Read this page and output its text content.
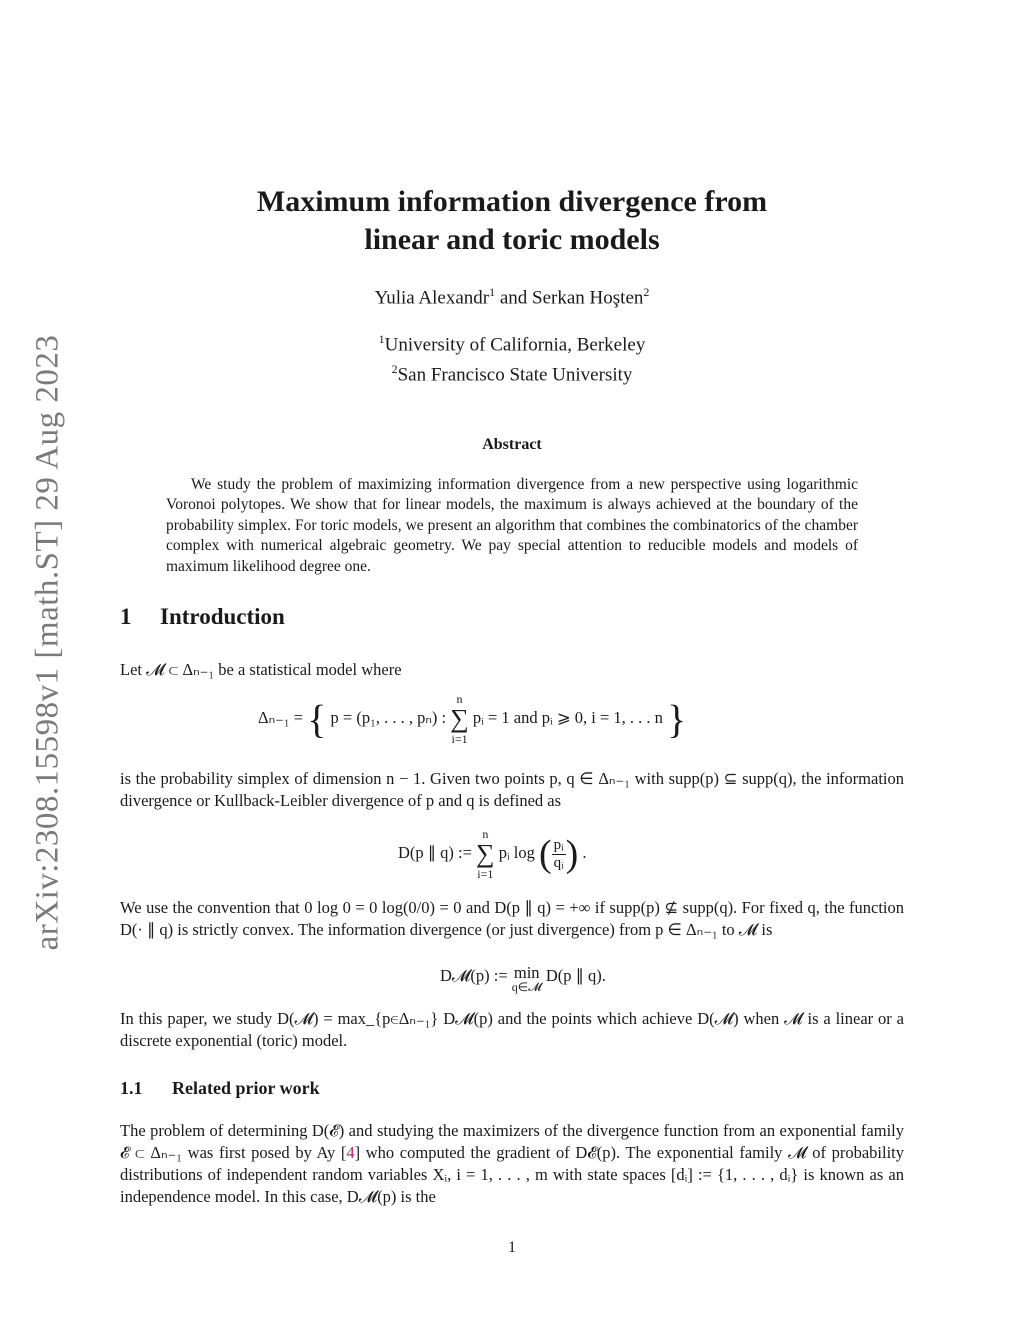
arXiv:2308.15598v1 [math.ST] 29 Aug 2023
Maximum information divergence from
linear and toric models
Yulia Alexandr$^1$ and Serkan Hoşten$^2$
$^1$University of California, Berkeley
$^2$San Francisco State University
Abstract
We study the problem of maximizing information divergence from a new perspective using logarithmic Voronoi polytopes. We show that for linear models, the maximum is always achieved at the boundary of the probability simplex. For toric models, we present an algorithm that combines the combinatorics of the chamber complex with numerical algebraic geometry. We pay special attention to reducible models and models of maximum likelihood degree one.
1 Introduction
Let 𝓜 ⊂ Δₙ₋₁ be a statistical model where
Δₙ₋₁ = { p = (p₁, . . . , pₙ) :
n
∑
i=1
pᵢ = 1 and pᵢ ⩾ 0, i = 1, . . . n }
is the probability simplex of dimension n − 1. Given two points p, q ∈ Δₙ₋₁ with supp(p) ⊆ supp(q), the information divergence or Kullback-Leibler divergence of p and q is defined as
D(p ∥ q) :=
n
∑
i=1
pᵢ log ( $\frac{\text{pᵢ}}{\text{qᵢ}}$ ) .
We use the convention that 0 log 0 = 0 log(0/0) = 0 and D(p ∥ q) = +∞ if supp(p) ⊈ supp(q). For fixed q, the function D(· ∥ q) is strictly convex. The information divergence (or just divergence) from p ∈ Δₙ₋₁ to 𝓜 is
D𝓜(p) := min
q∈𝓜
D(p ∥ q).
In this paper, we study D(𝓜) = max_{p∈Δₙ₋₁} D𝓜(p) and the points which achieve D(𝓜) when 𝓜 is a linear or a discrete exponential (toric) model.
1.1 Related prior work
The problem of determining D(𝓔) and studying the maximizers of the divergence function from an exponential family 𝓔 ⊂ Δₙ₋₁ was first posed by Ay [4] who computed the gradient of D𝓔(p). The exponential family 𝓜 of probability distributions of independent random variables Xᵢ, i = 1, . . . , m with state spaces [dᵢ] := {1, . . . , dᵢ} is known as an independence model. In this case, D𝓜(p) is the
1
